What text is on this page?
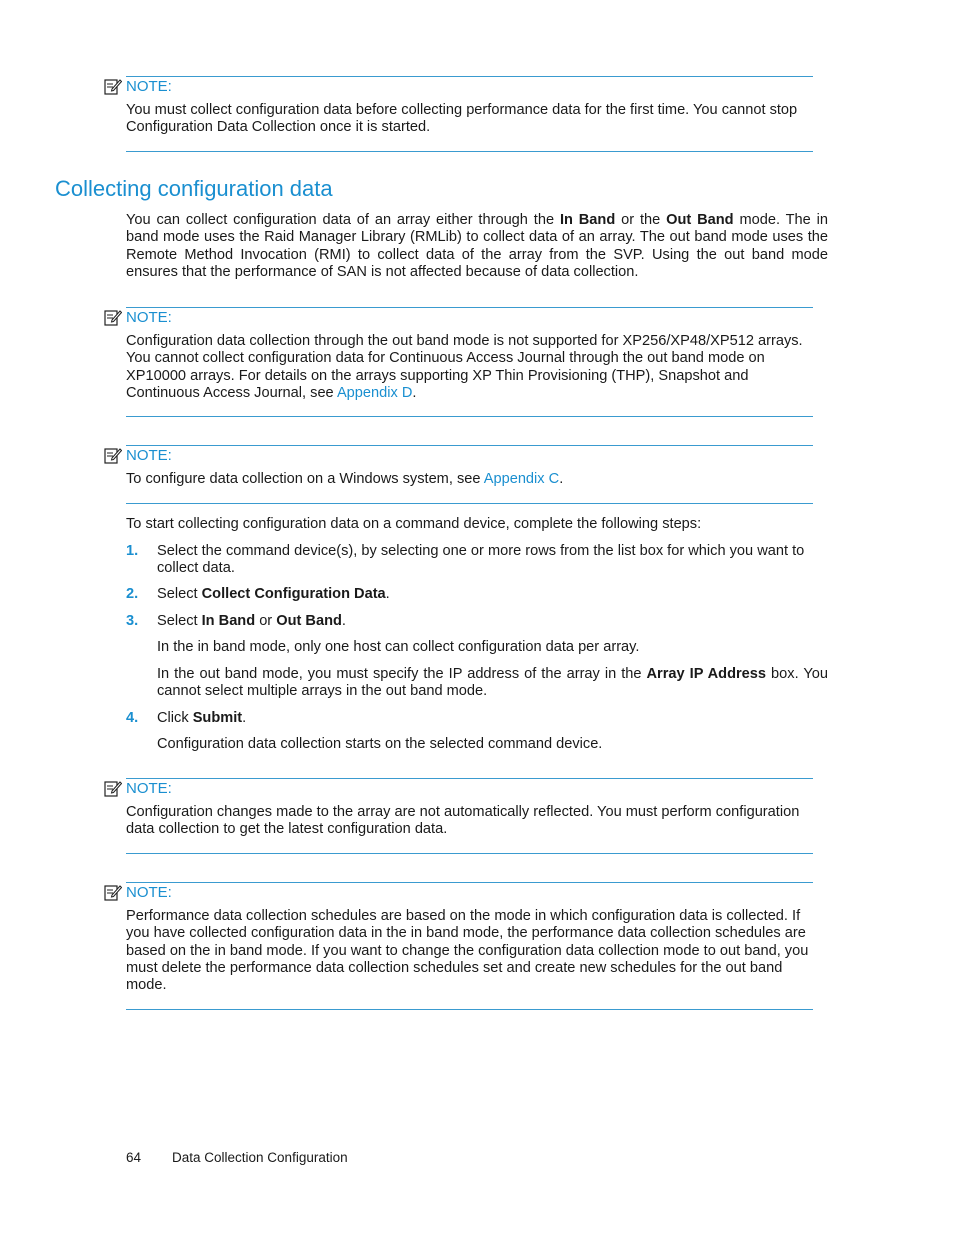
NOTE:
You must collect configuration data before collecting performance data for the first time. You cannot stop Configuration Data Collection once it is started.
Collecting configuration data
You can collect configuration data of an array either through the In Band or the Out Band mode. The in band mode uses the Raid Manager Library (RMLib) to collect data of an array. The out band mode uses the Remote Method Invocation (RMI) to collect data of the array from the SVP. Using the out band mode ensures that the performance of SAN is not affected because of data collection.
NOTE:
Configuration data collection through the out band mode is not supported for XP256/XP48/XP512 arrays. You cannot collect configuration data for Continuous Access Journal through the out band mode on XP10000 arrays. For details on the arrays supporting XP Thin Provisioning (THP), Snapshot and Continuous Access Journal, see Appendix D.
NOTE:
To configure data collection on a Windows system, see Appendix C.
To start collecting configuration data on a command device, complete the following steps:
1. Select the command device(s), by selecting one or more rows from the list box for which you want to collect data.
2. Select Collect Configuration Data.
3. Select In Band or Out Band.
In the in band mode, only one host can collect configuration data per array.
In the out band mode, you must specify the IP address of the array in the Array IP Address box. You cannot select multiple arrays in the out band mode.
4. Click Submit.
Configuration data collection starts on the selected command device.
NOTE:
Configuration changes made to the array are not automatically reflected. You must perform configuration data collection to get the latest configuration data.
NOTE:
Performance data collection schedules are based on the mode in which configuration data is collected. If you have collected configuration data in the in band mode, the performance data collection schedules are based on the in band mode. If you want to change the configuration data collection mode to out band, you must delete the performance data collection schedules set and create new schedules for the out band mode.
64 Data Collection Configuration
